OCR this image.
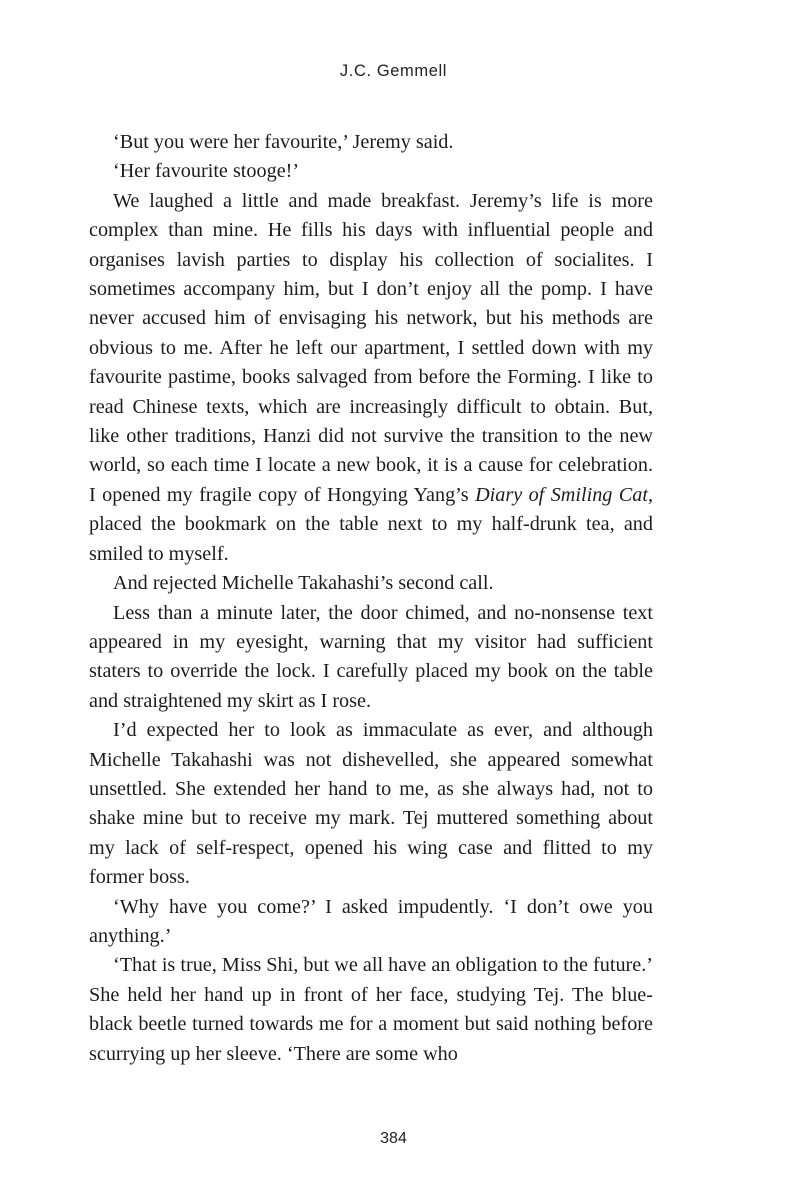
J.C. Gemmell

‘But you were her favourite,’ Jeremy said.

‘Her favourite stooge!’

We laughed a little and made breakfast. Jeremy’s life is more complex than mine. He fills his days with influential people and organises lavish parties to display his collection of socialites. I sometimes accompany him, but I don’t enjoy all the pomp. I have never accused him of envisaging his network, but his methods are obvious to me. After he left our apartment, I settled down with my favourite pastime, books salvaged from before the Forming. I like to read Chinese texts, which are increasingly difficult to obtain. But, like other traditions, Hanzi did not survive the transition to the new world, so each time I locate a new book, it is a cause for celebration. I opened my fragile copy of Hongying Yang’s Diary of Smiling Cat, placed the bookmark on the table next to my half-drunk tea, and smiled to myself.

And rejected Michelle Takahashi’s second call.

Less than a minute later, the door chimed, and no-nonsense text appeared in my eyesight, warning that my visitor had sufficient staters to override the lock. I carefully placed my book on the table and straightened my skirt as I rose.

I’d expected her to look as immaculate as ever, and although Michelle Takahashi was not dishevelled, she appeared somewhat unsettled. She extended her hand to me, as she always had, not to shake mine but to receive my mark. Tej muttered something about my lack of self-respect, opened his wing case and flitted to my former boss.

‘Why have you come?’ I asked impudently. ‘I don’t owe you anything.’

‘That is true, Miss Shi, but we all have an obligation to the future.’ She held her hand up in front of her face, studying Tej. The blue-black beetle turned towards me for a moment but said nothing before scurrying up her sleeve. ‘There are some who

384
